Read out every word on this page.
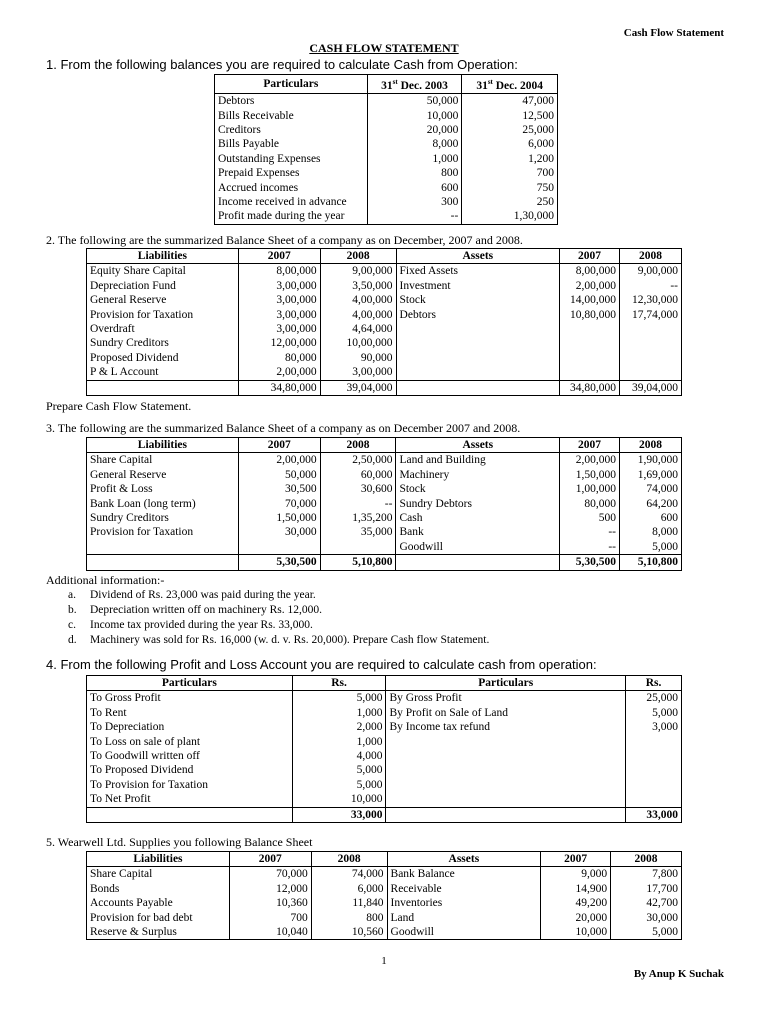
Cash Flow Statement
CASH FLOW STATEMENT
1. From the following balances you are required to calculate Cash from Operation:
Particulars	31st Dec. 2003	31st Dec. 2004
Debtors	50,000	47,000
Bills Receivable	10,000	12,500
Creditors	20,000	25,000
Bills Payable	8,000	6,000
Outstanding Expenses	1,000	1,200
Prepaid Expenses	800	700
Accrued incomes	600	750
Income received in advance	300	250
Profit made during the year	--	1,30,000
2. The following are the summarized Balance Sheet of a company as on December, 2007 and 2008.
Liabilities	2007	2008	Assets	2007	2008
Equity Share Capital	8,00,000	9,00,000	Fixed Assets	8,00,000	9,00,000
Depreciation Fund	3,00,000	3,50,000	Investment	2,00,000	--
General Reserve	3,00,000	4,00,000	Stock	14,00,000	12,30,000
Provision for Taxation	3,00,000	4,00,000	Debtors	10,80,000	17,74,000
Overdraft	3,00,000	4,64,000			
Sundry Creditors	12,00,000	10,00,000			
Proposed Dividend	80,000	90,000			
P & L Account	2,00,000	3,00,000			
	34,80,000	39,04,000		34,80,000	39,04,000
Prepare Cash Flow Statement.
3. The following are the summarized Balance Sheet of a company as on December 2007 and 2008.
Liabilities	2007	2008	Assets	2007	2008
Share Capital	2,00,000	2,50,000	Land and Building	2,00,000	1,90,000
General Reserve	50,000	60,000	Machinery	1,50,000	1,69,000
Profit & Loss	30,500	30,600	Stock	1,00,000	74,000
Bank Loan (long term)	70,000	--	Sundry Debtors	80,000	64,200
Sundry Creditors	1,50,000	1,35,200	Cash	500	600
Provision for Taxation	30,000	35,000	Bank	--	8,000
			Goodwill	--	5,000
	5,30,500	5,10,800		5,30,500	5,10,800
Additional information:-
a. Dividend of Rs. 23,000 was paid during the year.
b. Depreciation written off on machinery Rs. 12,000.
c. Income tax provided during the year Rs. 33,000.
d. Machinery was sold for Rs. 16,000 (w. d. v. Rs. 20,000). Prepare Cash flow Statement.
4. From the following Profit and Loss Account you are required to calculate cash from operation:
Particulars	Rs.	Particulars	Rs.
To Gross Profit	5,000	By Gross Profit	25,000
To Rent	1,000	By Profit on Sale of Land	5,000
To Depreciation	2,000	By Income tax refund	3,000
To Loss on sale of plant	1,000		
To Goodwill written off	4,000		
To Proposed Dividend	5,000		
To Provision for Taxation	5,000		
To Net Profit	10,000		
	33,000		33,000
5. Wearwell Ltd. Supplies you following Balance Sheet
Liabilities	2007	2008	Assets	2007	2008
Share Capital	70,000	74,000	Bank Balance	9,000	7,800
Bonds	12,000	6,000	Receivable	14,900	17,700
Accounts Payable	10,360	11,840	Inventories	49,200	42,700
Provision for bad debt	700	800	Land	20,000	30,000
Reserve & Surplus	10,040	10,560	Goodwill	10,000	5,000
1
By Anup K Suchak
